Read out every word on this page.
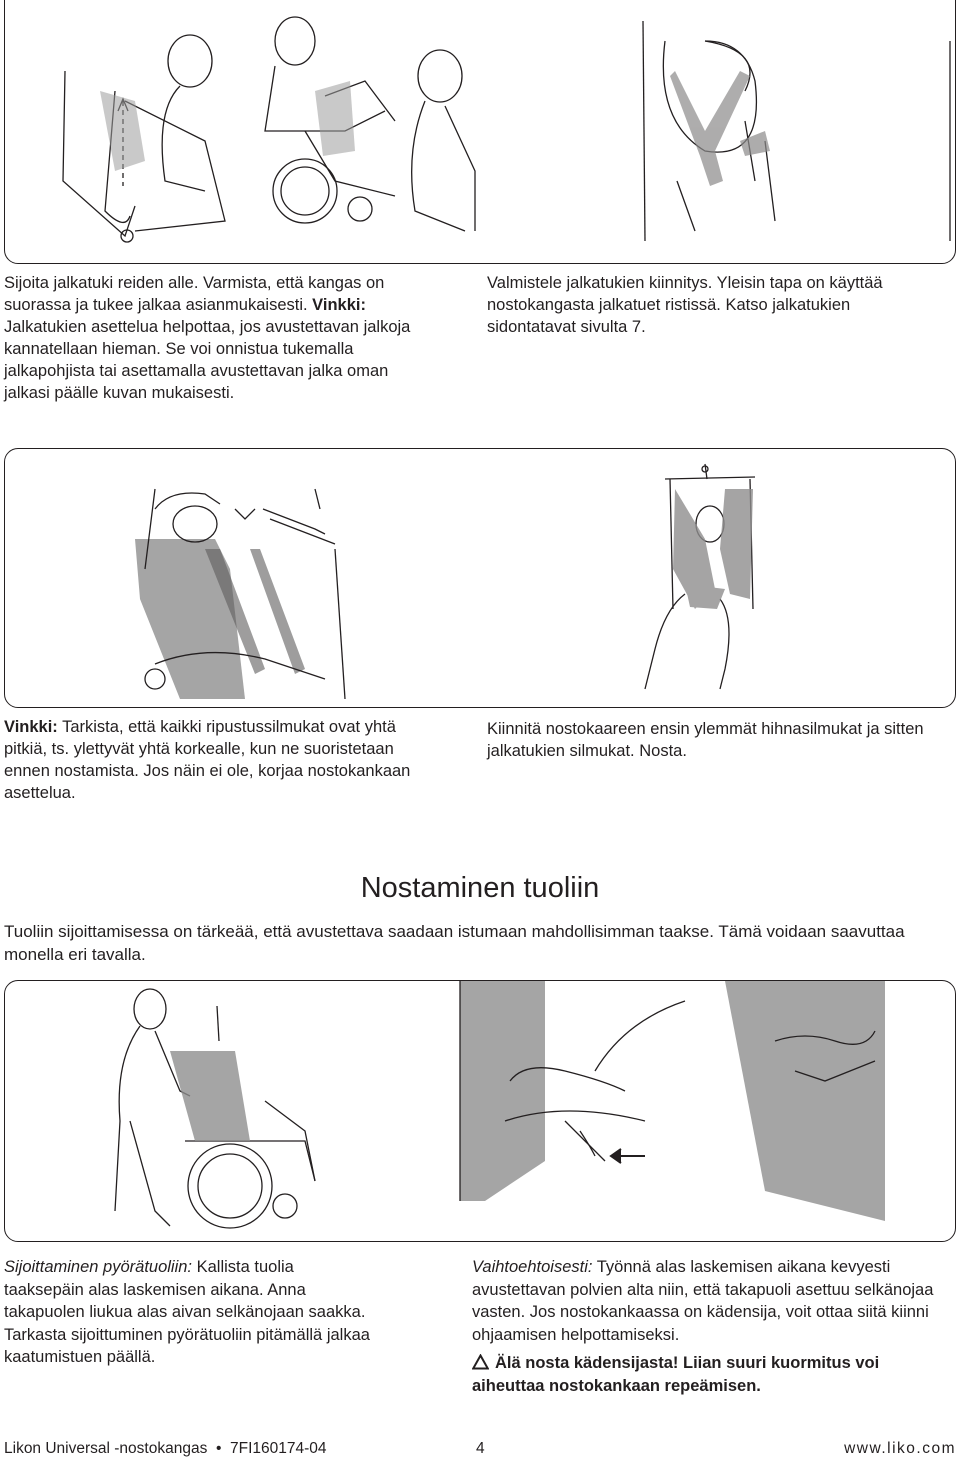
Sijoita jalkatuki reiden alle. Varmista, että kangas on suorassa ja tukee jalkaa asianmukaisesti. Vinkki: Jalkatukien asettelua helpottaa, jos avustettavan jalkoja kannatellaan hieman. Se voi onnistua tukemalla jalkapohjista tai asettamalla avustettavan jalka oman jalkasi päälle kuvan mukaisesti.
Valmistele jalkatukien kiinnitys. Yleisin tapa on käyttää nostokangasta jalkatuet ristissä. Katso jalkatukien sidontatavat sivulta 7.
Vinkki: Tarkista, että kaikki ripustussilmukat ovat yhtä pitkiä, ts. ylettyvät yhtä korkealle, kun ne suoristetaan ennen nostamista. Jos näin ei ole, korjaa nostokankaan asettelua.
Kiinnitä nostokaareen ensin ylemmät hihnasilmukat ja sitten jalkatukien silmukat. Nosta.
Nostaminen tuoliin
Tuoliin sijoittamisessa on tärkeää, että avustettava saadaan istumaan mahdollisimman taakse. Tämä voidaan saavuttaa monella eri tavalla.
Sijoittaminen pyörätuoliin: Kallista tuolia taaksepäin alas laskemisen aikana. Anna takapuolen liukua alas aivan selkänojaan saakka. Tarkasta sijoittuminen pyörätuoliin pitämällä jalkaa kaatumistuen päällä.
Vaihtoehtoisesti: Työnnä alas laskemisen aikana kevyesti avustettavan polvien alta niin, että takapuoli asettuu selkänojaa vasten. Jos nostokankaassa on kädensija, voit ottaa siitä kiinni ohjaamisen helpottamiseksi.
Älä nosta kädensijasta! Liian suuri kuormitus voi aiheuttaa nostokankaan repeämisen.
Likon Universal -nostokangas  •  7FI160174-04	4	www.liko.com
